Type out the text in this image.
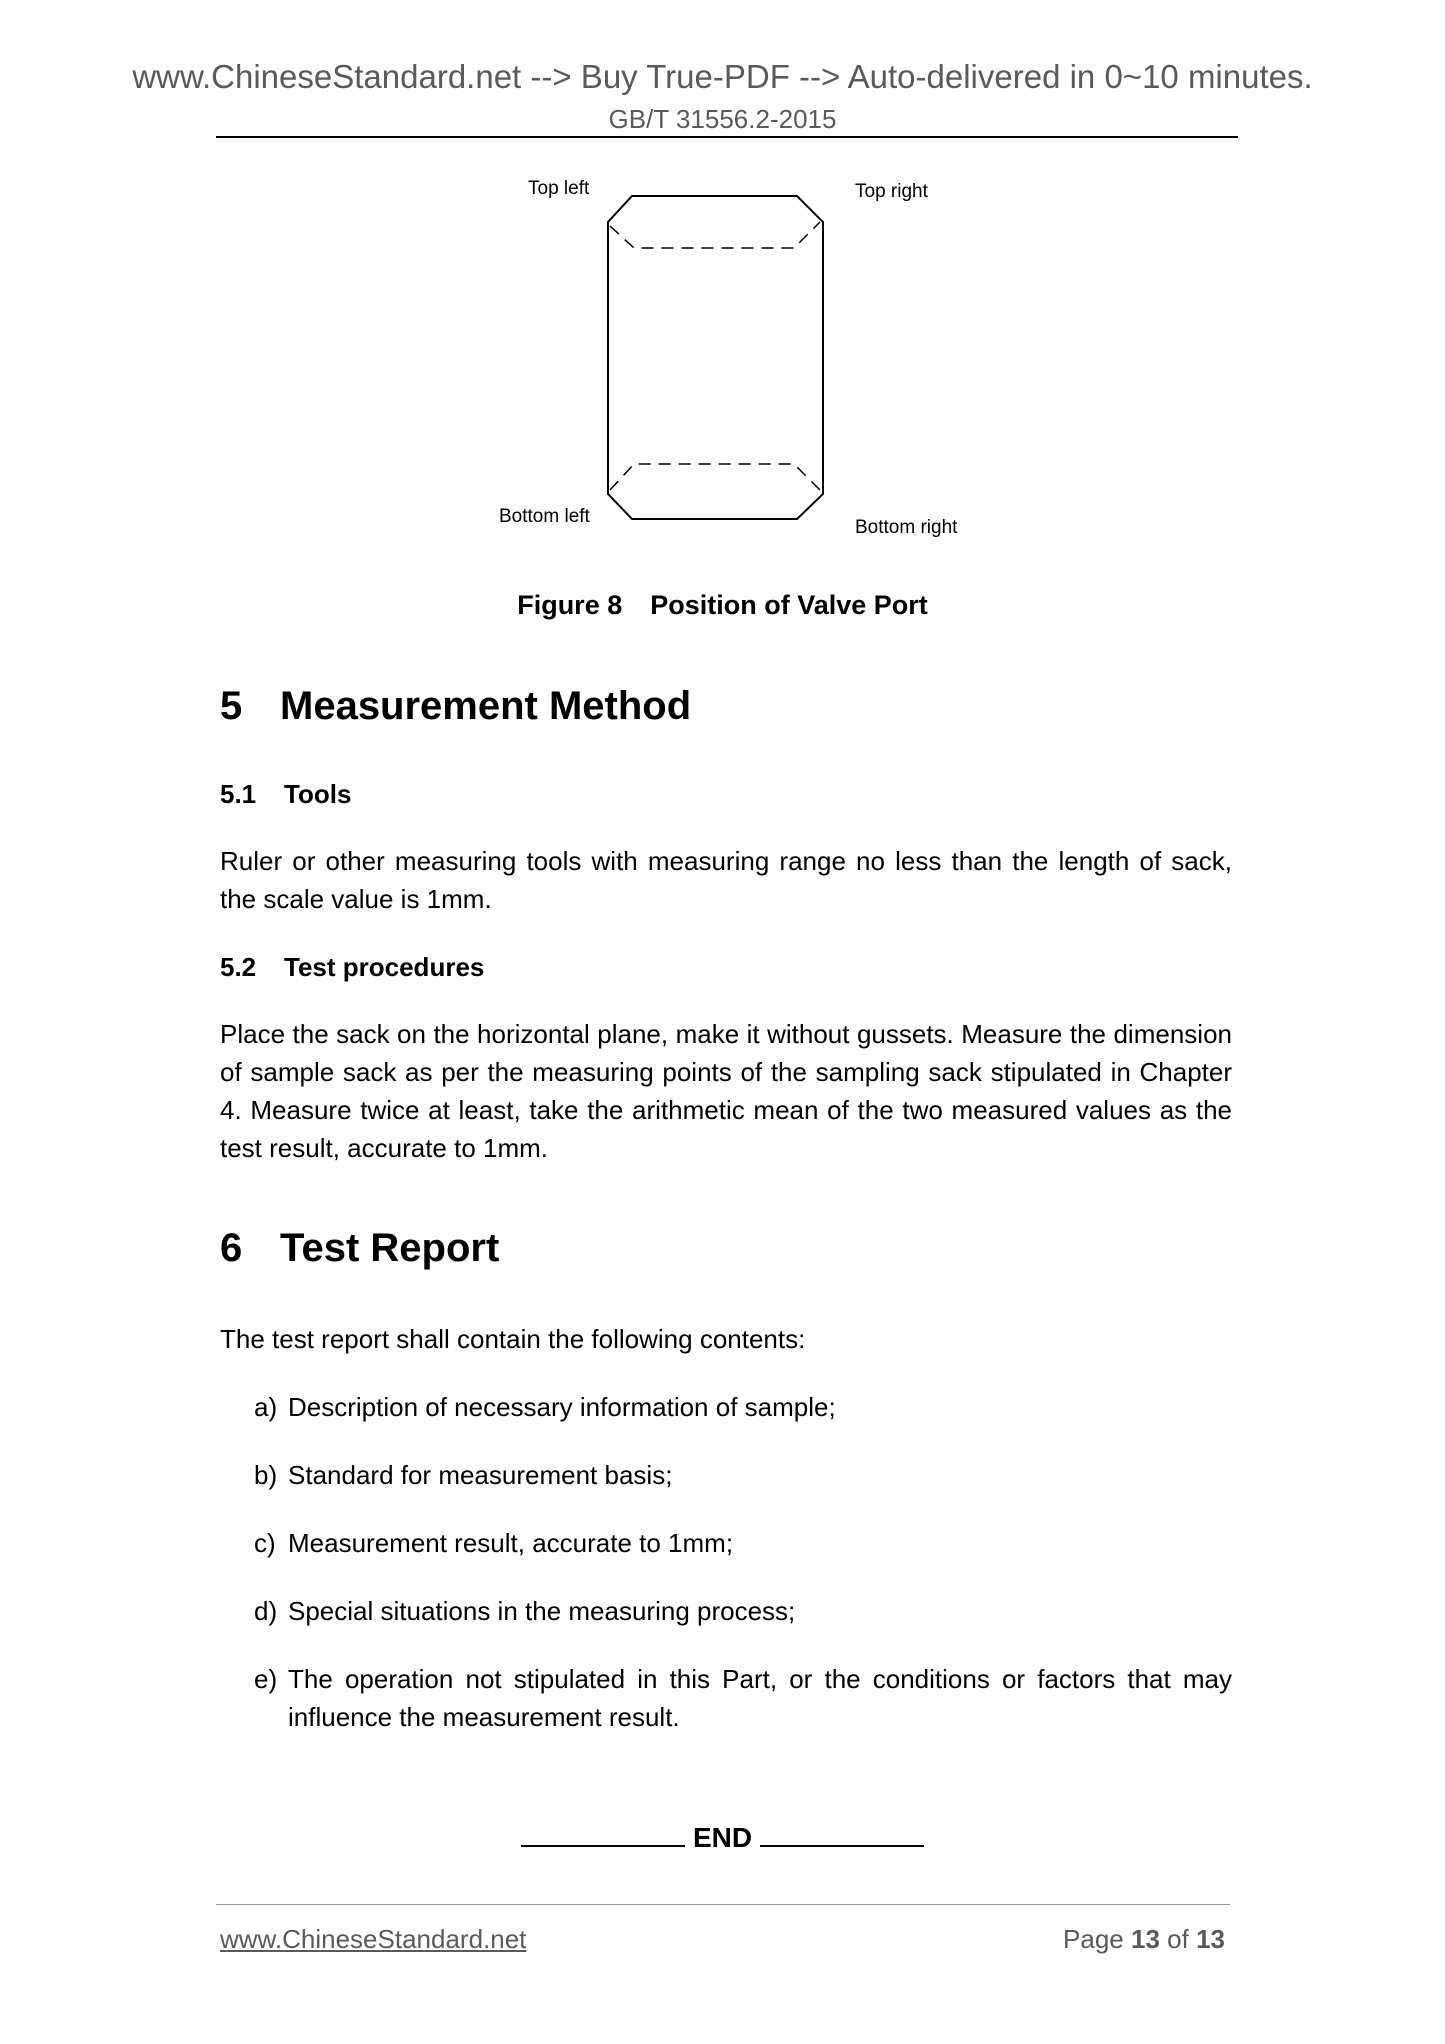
www.ChineseStandard.net --> Buy True-PDF --> Auto-delivered in 0~10 minutes.
GB/T 31556.2-2015
Top left	Top right
Bottom left
Bottom right
Figure 8 Position of Valve Port
5 Measurement Method
5.1 Tools
Ruler or other measuring tools with measuring range no less than the length of sack, the scale value is 1mm.
5.2 Test procedures
Place the sack on the horizontal plane, make it without gussets. Measure the dimension of sample sack as per the measuring points of the sampling sack stipulated in Chapter 4. Measure twice at least, take the arithmetic mean of the two measured values as the test result, accurate to 1mm.
6 Test Report
The test report shall contain the following contents:
a) Description of necessary information of sample;
b) Standard for measurement basis;
c) Measurement result, accurate to 1mm;
d) Special situations in the measuring process;
e) The operation not stipulated in this Part, or the conditions or factors that may influence the measurement result.
END
www.ChineseStandard.net	Page 13 of 13
